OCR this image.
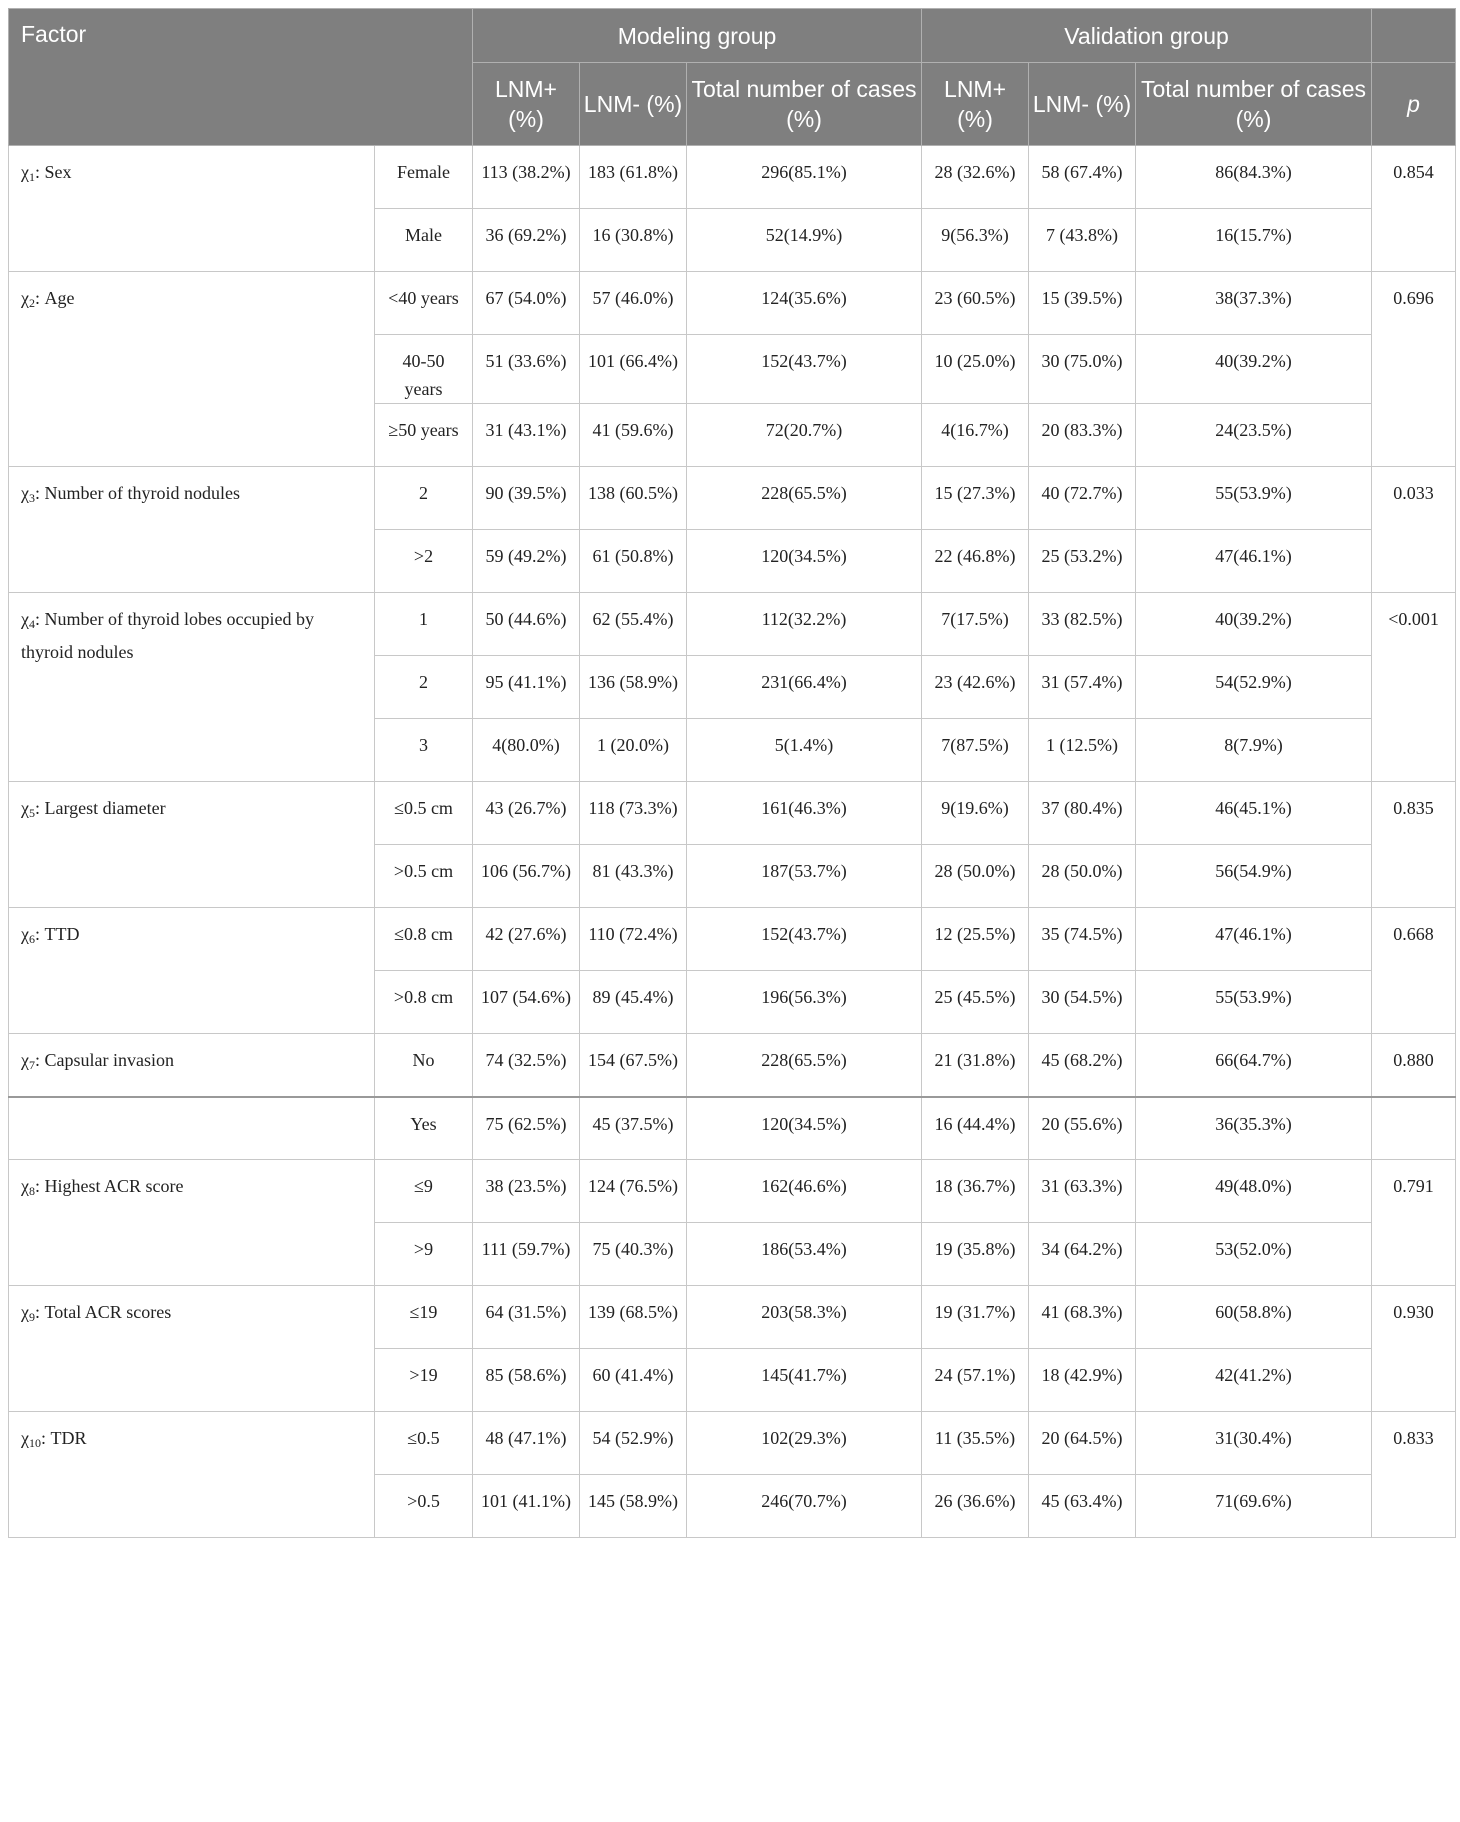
Factor		Modeling group			Validation group			
		LNM+ (%)	LNM- (%)	Total number of cases (%)	LNM+ (%)	LNM- (%)	Total number of cases (%)	p
$\chi_1$: Sex	Female	113 (38.2%)	183 (61.8%)	296(85.1%)	28 (32.6%)	58 (67.4%)	86(84.3%)	0.854
	Male	36 (69.2%)	16 (30.8%)	52(14.9%)	9(56.3%)	7 (43.8%)	16(15.7%)	
$\chi_2$: Age	<40 years	67 (54.0%)	57 (46.0%)	124(35.6%)	23 (60.5%)	15 (39.5%)	38(37.3%)	0.696
	40-50 years	51 (33.6%)	101 (66.4%)	152(43.7%)	10 (25.0%)	30 (75.0%)	40(39.2%)	
	≥50 years	31 (43.1%)	41 (59.6%)	72(20.7%)	4(16.7%)	20 (83.3%)	24(23.5%)	
$\chi_3$: Number of thyroid nodules	2	90 (39.5%)	138 (60.5%)	228(65.5%)	15 (27.3%)	40 (72.7%)	55(53.9%)	0.033
	>2	59 (49.2%)	61 (50.8%)	120(34.5%)	22 (46.8%)	25 (53.2%)	47(46.1%)	
$\chi_4$: Number of thyroid lobes occupied by thyroid nodules	1	50 (44.6%)	62 (55.4%)	112(32.2%)	7(17.5%)	33 (82.5%)	40(39.2%)	<0.001
	2	95 (41.1%)	136 (58.9%)	231(66.4%)	23 (42.6%)	31 (57.4%)	54(52.9%)	
	3	4(80.0%)	1 (20.0%)	5(1.4%)	7(87.5%)	1 (12.5%)	8(7.9%)	
$\chi_5$: Largest diameter	≤0.5 cm	43 (26.7%)	118 (73.3%)	161(46.3%)	9(19.6%)	37 (80.4%)	46(45.1%)	0.835
	>0.5 cm	106 (56.7%)	81 (43.3%)	187(53.7%)	28 (50.0%)	28 (50.0%)	56(54.9%)	
$\chi_6$: TTD	≤0.8 cm	42 (27.6%)	110 (72.4%)	152(43.7%)	12 (25.5%)	35 (74.5%)	47(46.1%)	0.668
	>0.8 cm	107 (54.6%)	89 (45.4%)	196(56.3%)	25 (45.5%)	30 (54.5%)	55(53.9%)	
$\chi_7$: Capsular invasion	No	74 (32.5%)	154 (67.5%)	228(65.5%)	21 (31.8%)	45 (68.2%)	66(64.7%)	0.880
	Yes	75 (62.5%)	45 (37.5%)	120(34.5%)	16 (44.4%)	20 (55.6%)	36(35.3%)	
$\chi_8$: Highest ACR score	≤9	38 (23.5%)	124 (76.5%)	162(46.6%)	18 (36.7%)	31 (63.3%)	49(48.0%)	0.791
	>9	111 (59.7%)	75 (40.3%)	186(53.4%)	19 (35.8%)	34 (64.2%)	53(52.0%)	
$\chi_9$: Total ACR scores	≤19	64 (31.5%)	139 (68.5%)	203(58.3%)	19 (31.7%)	41 (68.3%)	60(58.8%)	0.930
	>19	85 (58.6%)	60 (41.4%)	145(41.7%)	24 (57.1%)	18 (42.9%)	42(41.2%)	
$\chi_{10}$: TDR	≤0.5	48 (47.1%)	54 (52.9%)	102(29.3%)	11 (35.5%)	20 (64.5%)	31(30.4%)	0.833
	>0.5	101 (41.1%)	145 (58.9%)	246(70.7%)	26 (36.6%)	45 (63.4%)	71(69.6%)	
